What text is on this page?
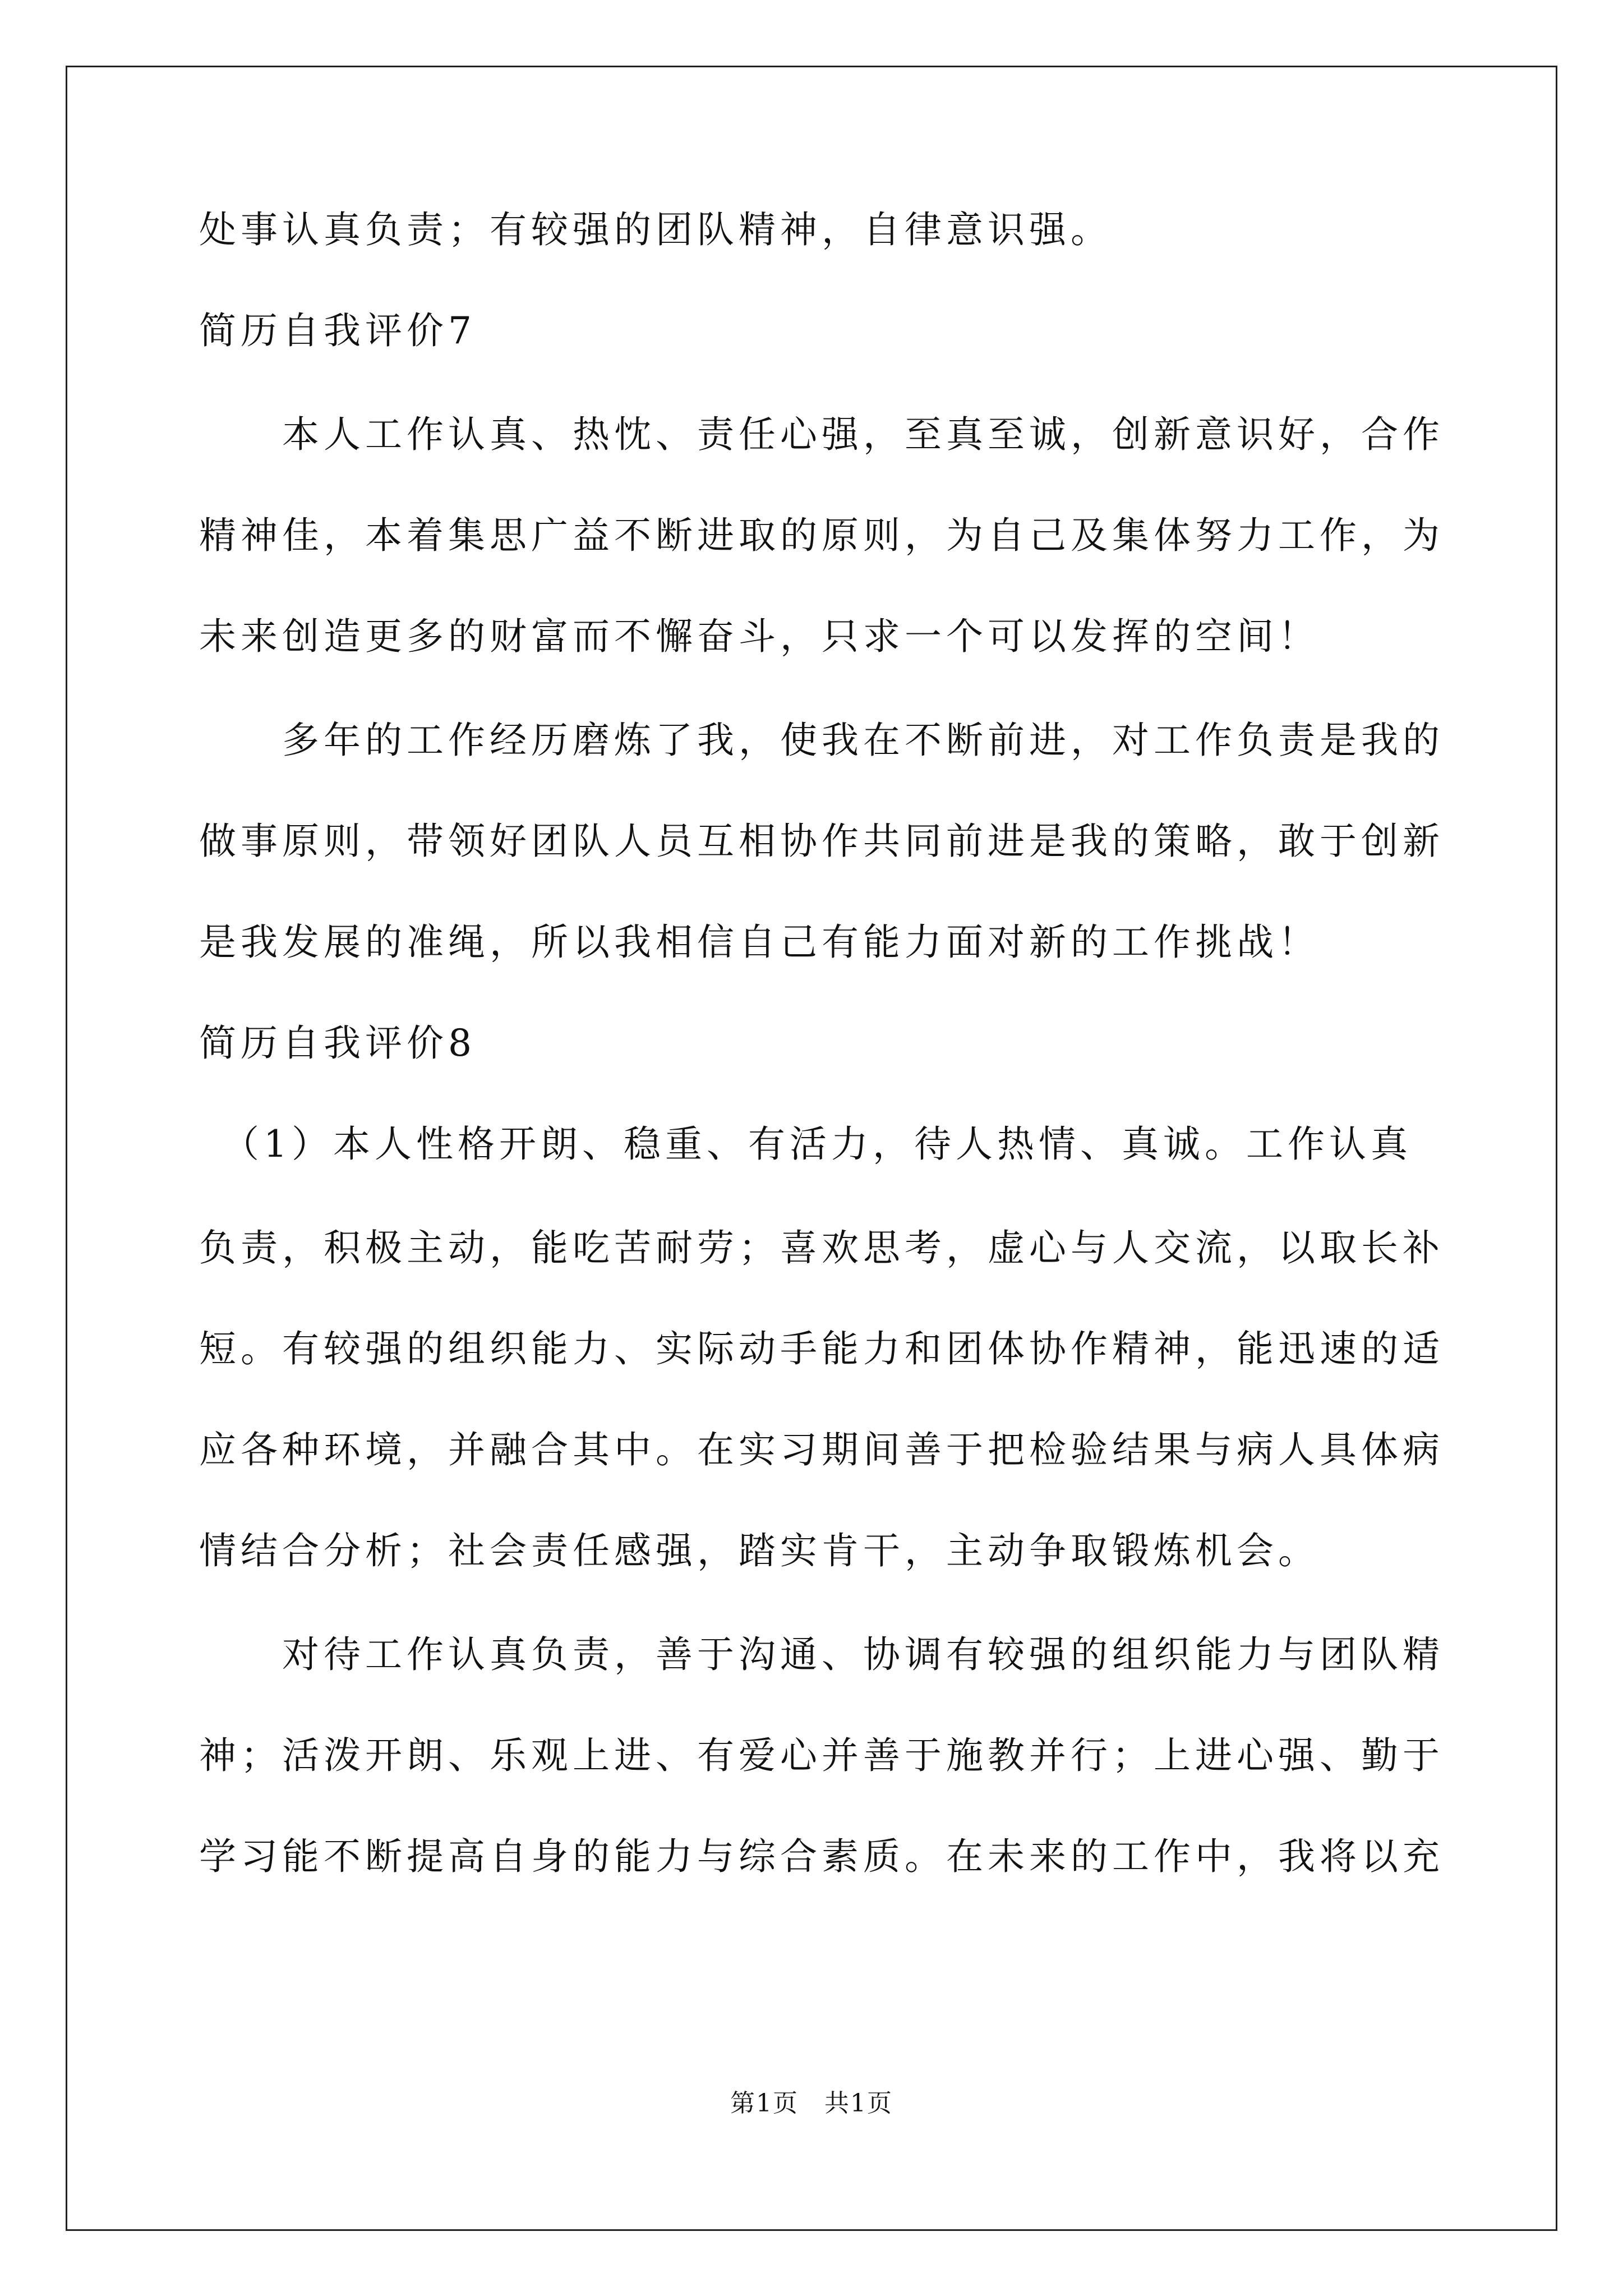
处事认真负责；有较强的团队精神，自律意识强。
简历自我评价7
　　本人工作认真、热忱、责任心强，至真至诚，创新意识好，合作
精神佳，本着集思广益不断进取的原则，为自己及集体努力工作，为
未来创造更多的财富而不懈奋斗，只求一个可以发挥的空间！
　　多年的工作经历磨炼了我，使我在不断前进，对工作负责是我的
做事原则，带领好团队人员互相协作共同前进是我的策略，敢于创新
是我发展的准绳，所以我相信自己有能力面对新的工作挑战！
简历自我评价8
　（1）本人性格开朗、稳重、有活力，待人热情、真诚。工作认真
负责，积极主动，能吃苦耐劳；喜欢思考，虚心与人交流，以取长补
短。有较强的组织能力、实际动手能力和团体协作精神，能迅速的适
应各种环境，并融合其中。在实习期间善于把检验结果与病人具体病
情结合分析；社会责任感强，踏实肯干，主动争取锻炼机会。
　　对待工作认真负责，善于沟通、协调有较强的组织能力与团队精
神；活泼开朗、乐观上进、有爱心并善于施教并行；上进心强、勤于
学习能不断提高自身的能力与综合素质。在未来的工作中，我将以充
第1页　共1页
